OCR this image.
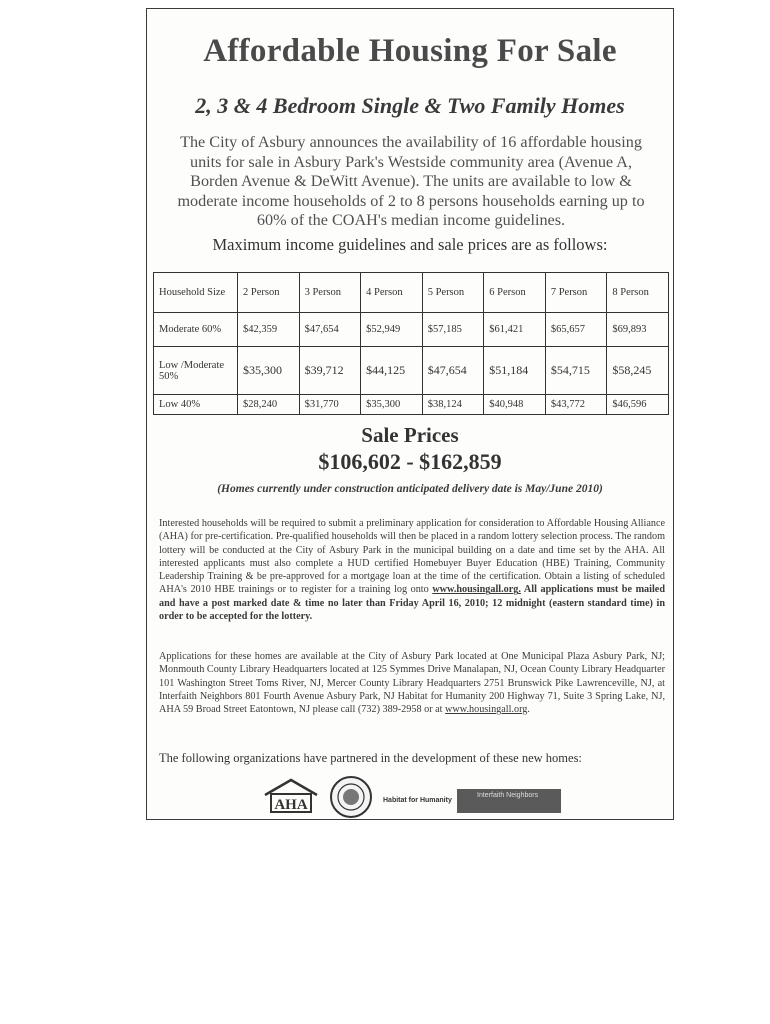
Affordable Housing For Sale
2, 3 & 4 Bedroom Single & Two Family Homes
The City of Asbury announces the availability of 16 affordable housing units for sale in Asbury Park's Westside community area (Avenue A, Borden Avenue & DeWitt Avenue). The units are available to low & moderate income households of 2 to 8 persons households earning up to 60% of the COAH's median income guidelines.
Maximum income guidelines and sale prices are as follows:
Household Size	2 Person	3 Person	4 Person	5 Person	6 Person	7 Person	8 Person
Moderate 60%	$42,359	$47,654	$52,949	$57,185	$61,421	$65,657	$69,893
Low /Moderate 50%	$35,300	$39,712	$44,125	$47,654	$51,184	$54,715	$58,245
Low 40%	$28,240	$31,770	$35,300	$38,124	$40,948	$43,772	$46,596
Sale Prices
$106,602 - $162,859
(Homes currently under construction anticipated delivery date is May/June 2010)
Interested households will be required to submit a preliminary application for consideration to Affordable Housing Alliance (AHA) for pre-certification. Pre-qualified households will then be placed in a random lottery selection process. The random lottery will be conducted at the City of Asbury Park in the municipal building on a date and time set by the AHA. All interested applicants must also complete a HUD certified Homebuyer Buyer Education (HBE) Training, Community Leadership Training & be pre-approved for a mortgage loan at the time of the certification. Obtain a listing of scheduled AHA's 2010 HBE trainings or to register for a training log onto www.housingall.org. All applications must be mailed and have a post marked date & time no later than Friday April 16, 2010; 12 midnight (eastern standard time) in order to be accepted for the lottery.
Applications for these homes are available at the City of Asbury Park located at One Municipal Plaza Asbury Park, NJ; Monmouth County Library Headquarters located at 125 Symmes Drive Manalapan, NJ, Ocean County Library Headquarter 101 Washington Street Toms River, NJ, Mercer County Library Headquarters 2751 Brunswick Pike Lawrenceville, NJ, at Interfaith Neighbors 801 Fourth Avenue Asbury Park, NJ Habitat for Humanity 200 Highway 71, Suite 3 Spring Lake, NJ, AHA 59 Broad Street Eatontown, NJ please call (732) 389-2958 or at www.housingall.org.
The following organizations have partnered in the development of these new homes:
AHA	Habitat for Humanity
Interfaith Neighbors
